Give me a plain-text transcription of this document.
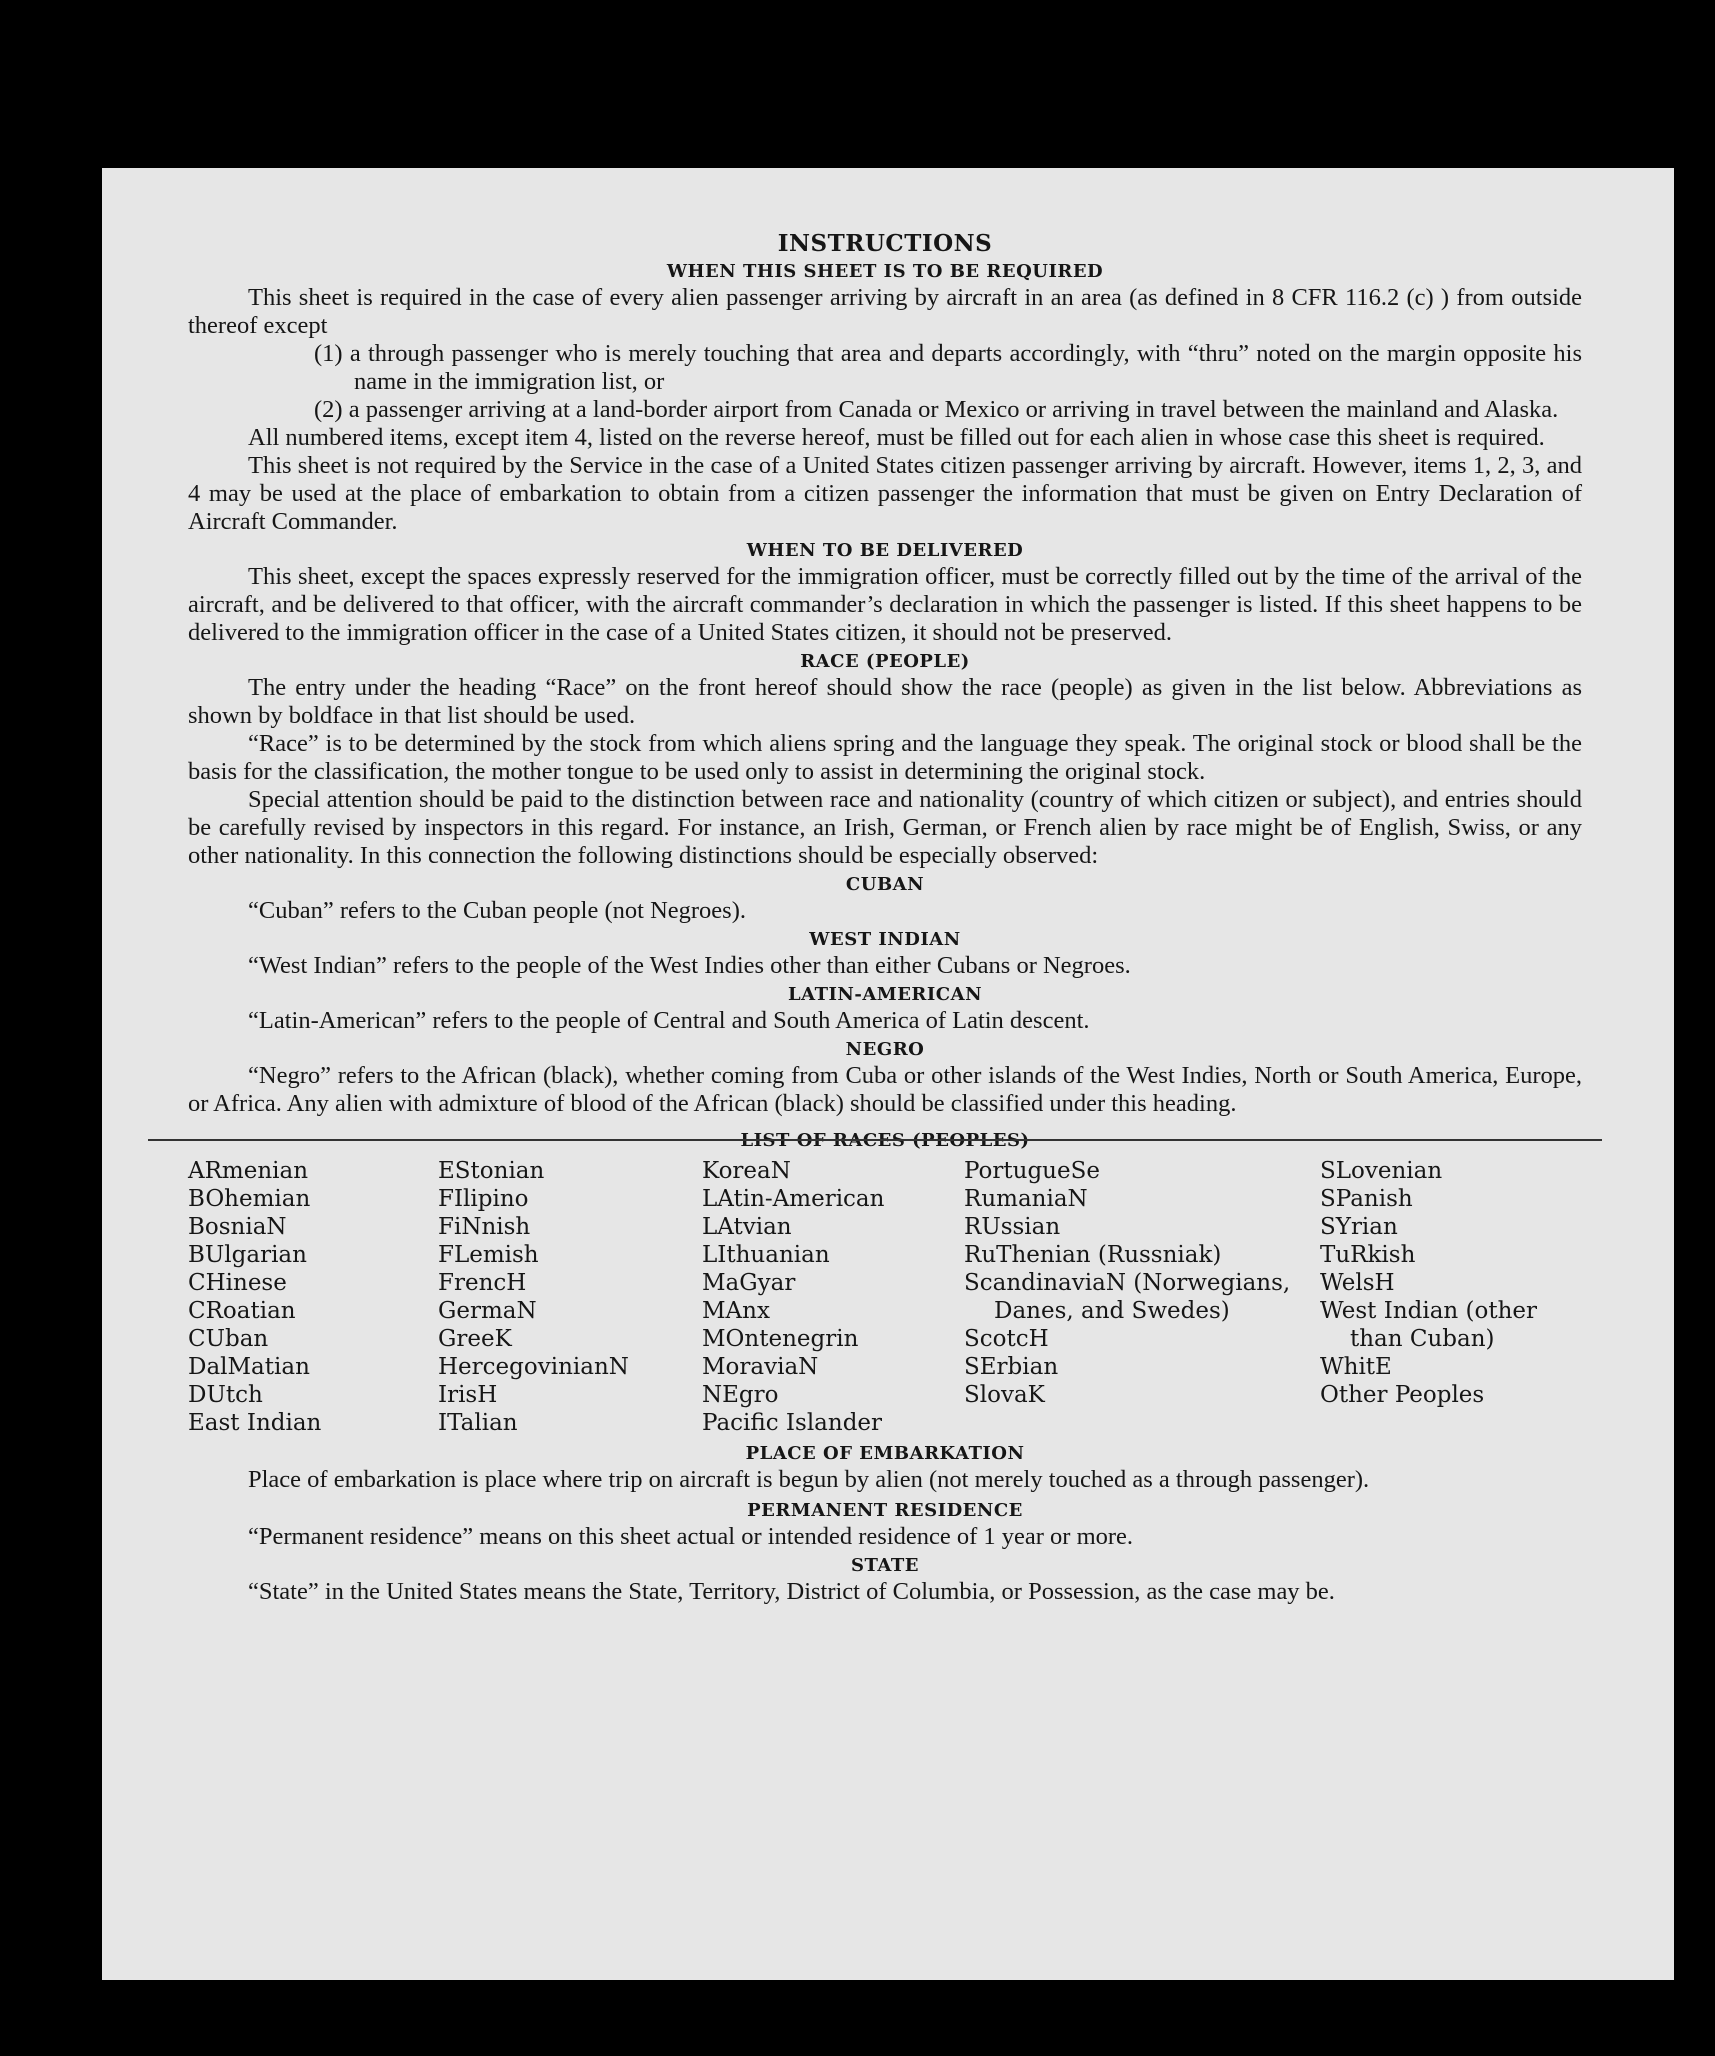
INSTRUCTIONS
WHEN THIS SHEET IS TO BE REQUIRED

This sheet is required in the case of every alien passenger arriving by aircraft in an area (as defined in 8 CFR 116.2 (c) ) from outside thereof except

(1) a through passenger who is merely touching that area and departs accordingly, with “thru” noted on the margin opposite his name in the immigration list, or

(2) a passenger arriving at a land-border airport from Canada or Mexico or arriving in travel between the mainland and Alaska.

All numbered items, except item 4, listed on the reverse hereof, must be filled out for each alien in whose case this sheet is required.

This sheet is not required by the Service in the case of a United States citizen passenger arriving by aircraft. However, items 1, 2, 3, and 4 may be used at the place of embarkation to obtain from a citizen passenger the information that must be given on Entry Declaration of Aircraft Commander.

WHEN TO BE DELIVERED

This sheet, except the spaces expressly reserved for the immigration officer, must be correctly filled out by the time of the arrival of the aircraft, and be delivered to that officer, with the aircraft commander’s declaration in which the passenger is listed. If this sheet happens to be delivered to the immigration officer in the case of a United States citizen, it should not be preserved.

RACE (PEOPLE)

The entry under the heading “Race” on the front hereof should show the race (people) as given in the list below. Abbreviations as shown by boldface in that list should be used.

“Race” is to be determined by the stock from which aliens spring and the language they speak. The original stock or blood shall be the basis for the classification, the mother tongue to be used only to assist in determining the original stock.

Special attention should be paid to the distinction between race and nationality (country of which citizen or subject), and entries should be carefully revised by inspectors in this regard. For instance, an Irish, German, or French alien by race might be of English, Swiss, or any other nationality. In this connection the following distinctions should be especially observed:

CUBAN

“Cuban” refers to the Cuban people (not Negroes).

WEST INDIAN

“West Indian” refers to the people of the West Indies other than either Cubans or Negroes.

LATIN-AMERICAN

“Latin-American” refers to the people of Central and South America of Latin descent.

NEGRO

“Negro” refers to the African (black), whether coming from Cuba or other islands of the West Indies, North or South America, Europe, or Africa. Any alien with admixture of blood of the African (black) should be classified under this heading.

LIST OF RACES (PEOPLES)
ARmenian
BOhemian
BosniaN
BUlgarian
CHinese
CRoatian
CUban
DalMatian
DUtch
East Indian
EStonian
FIlipino
FiNnish
FLemish
FrencH
GermaN
GreeK
HercegovinianN
IrisH
ITalian
KoreaN
LAtin-American
LAtvian
LIthuanian
MaGyar
MAnx
MOntenegrin
MoraviaN
NEgro
Pacific Islander
PortugueSe
RumaniaN
RUssian
RuThenian (Russniak)
ScandinaviaN (Norwegians, Danes, and Swedes)
ScotcH
SErbian
SlovaK
SLovenian
SPanish
SYrian
TuRkish
WelsH
West Indian (other than Cuban)
WhitE
Other Peoples
PLACE OF EMBARKATION

Place of embarkation is place where trip on aircraft is begun by alien (not merely touched as a through passenger).

PERMANENT RESIDENCE

“Permanent residence” means on this sheet actual or intended residence of 1 year or more.

STATE

“State” in the United States means the State, Territory, District of Columbia, or Possession, as the case may be.
